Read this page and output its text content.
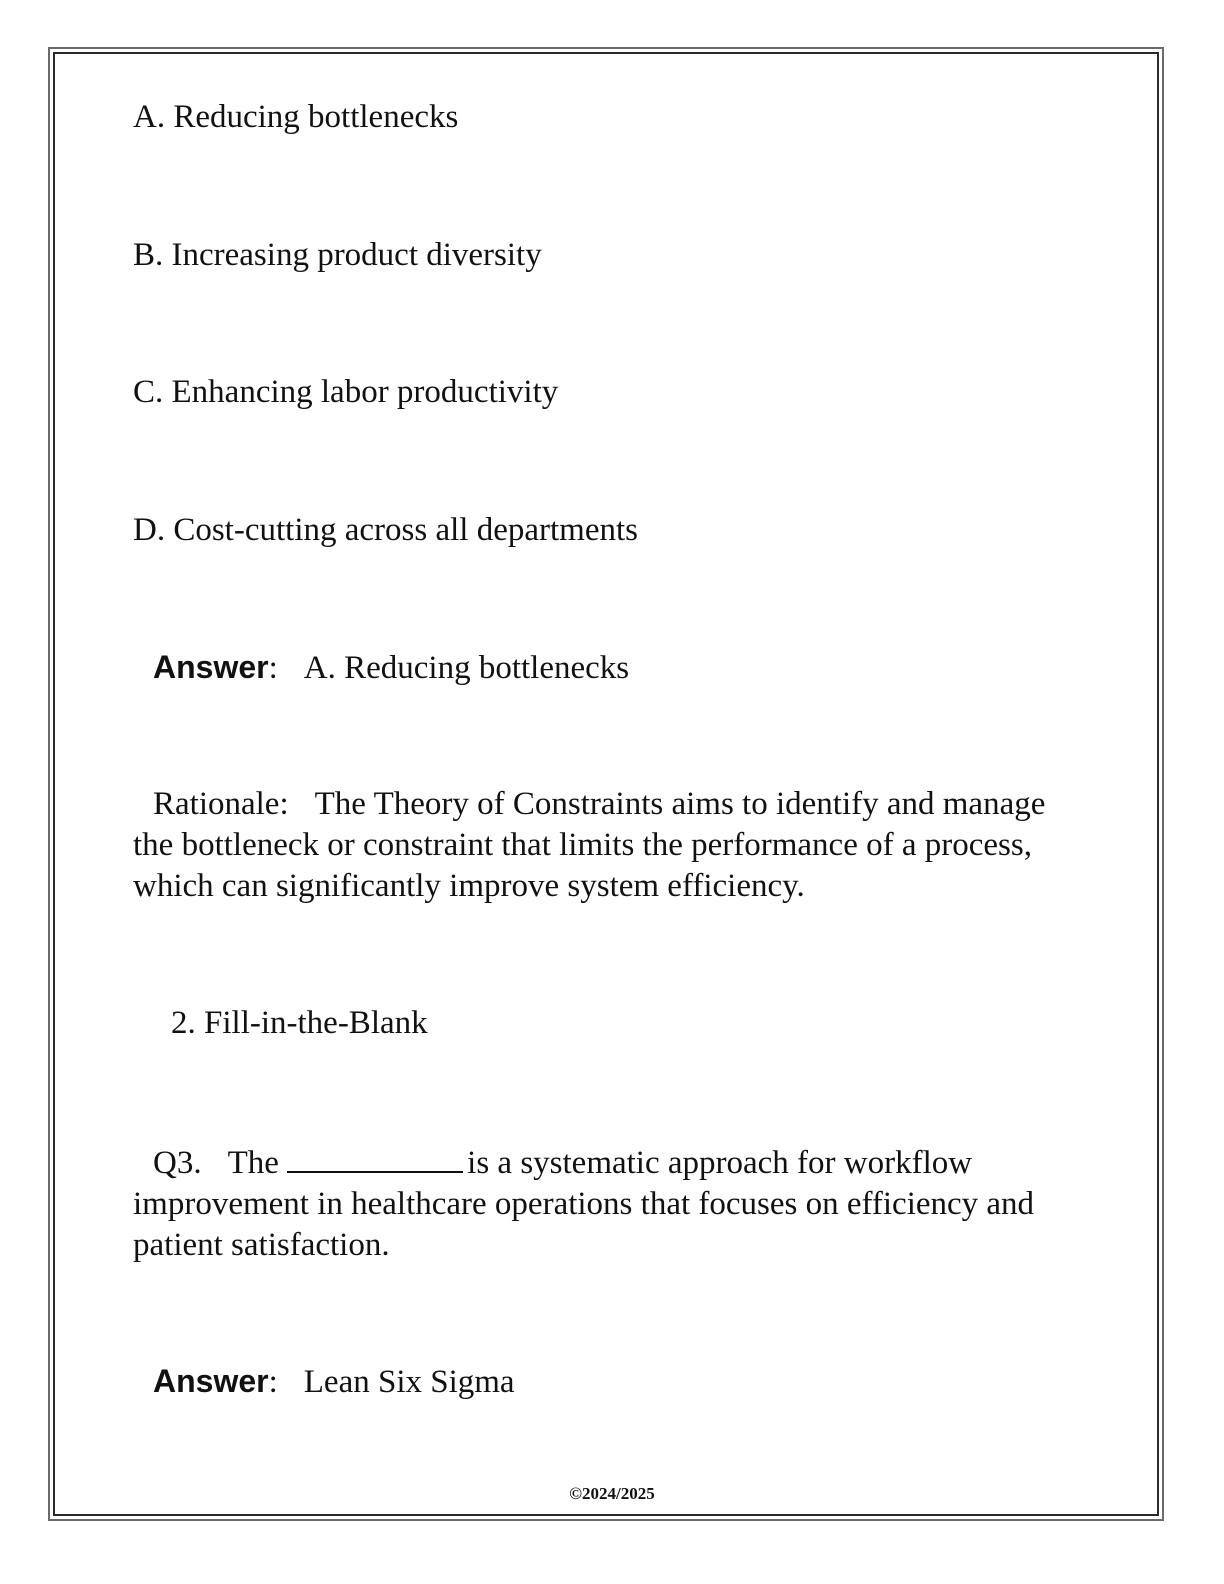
A. Reducing bottlenecks

B. Increasing product diversity

C. Enhancing labor productivity

D. Cost-cutting across all departments

Answer: A. Reducing bottlenecks

Rationale: The Theory of Constraints aims to identify and manage the bottleneck or constraint that limits the performance of a process, which can significantly improve system efficiency.

2. Fill-in-the-Blank

Q3. The	is a systematic approach for workflow improvement in healthcare operations that focuses on efficiency and patient satisfaction.

Answer: Lean Six Sigma

©2024/2025
